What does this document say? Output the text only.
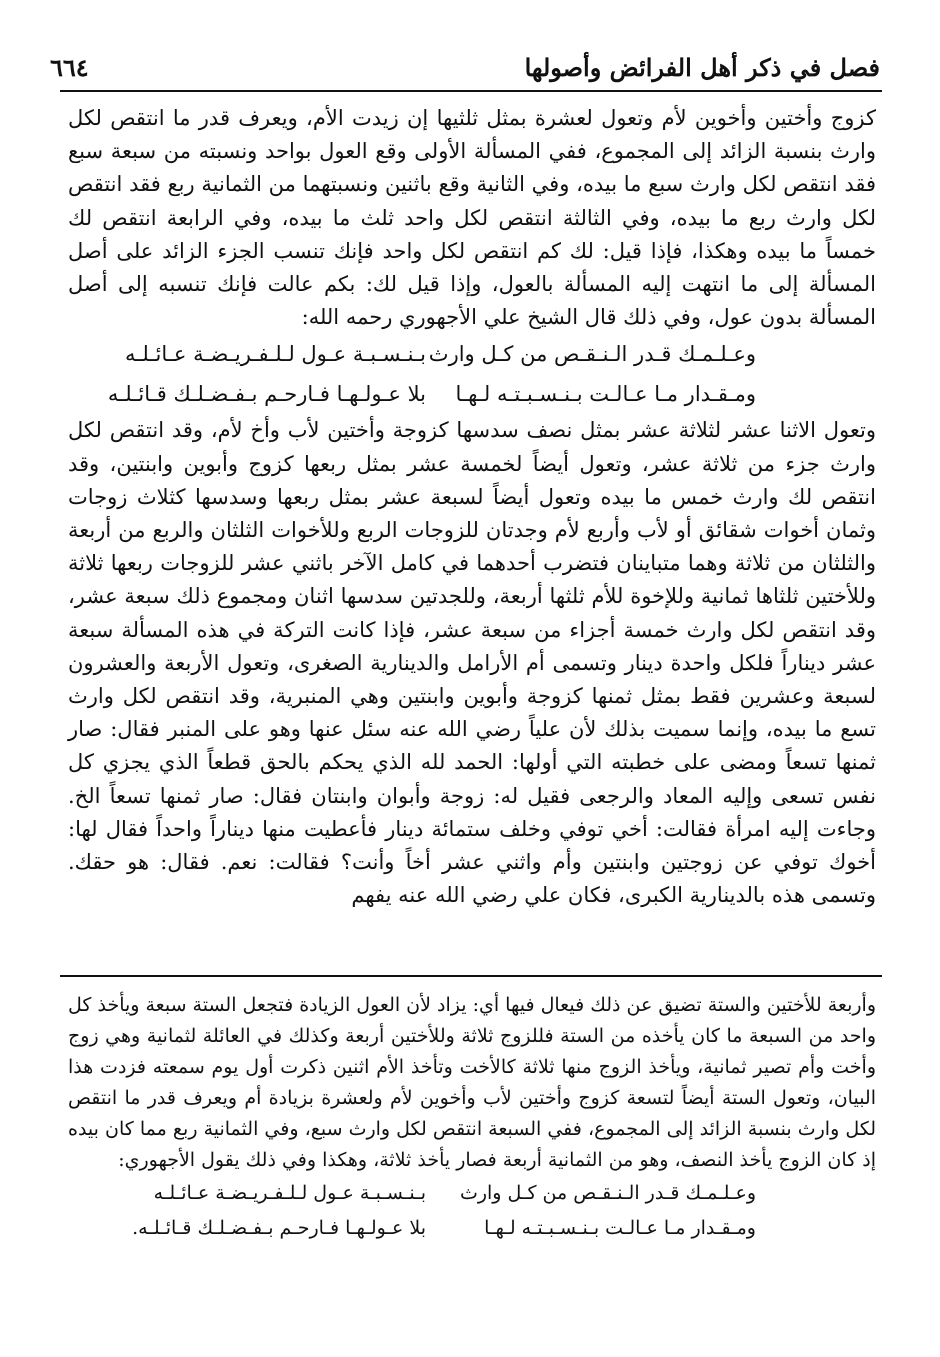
فصل في ذكر أهل الفرائض وأصولها
٦٦٤

كزوج وأختين وأخوين لأم وتعول لعشرة بمثل ثلثيها إن زيدت الأم، ويعرف قدر ما انتقص لكل وارث بنسبة الزائد إلى المجموع، ففي المسألة الأولى وقع العول بواحد ونسبته من سبعة سبع فقد انتقص لكل وارث سبع ما بيده، وفي الثانية وقع باثنين ونسبتهما من الثمانية ربع فقد انتقص لكل وارث ربع ما بيده، وفي الثالثة انتقص لكل واحد ثلث ما بيده، وفي الرابعة انتقص لك خمساً ما بيده وهكذا، فإذا قيل: لك كم انتقص لكل واحد فإنك تنسب الجزء الزائد على أصل المسألة إلى ما انتهت إليه المسألة بالعول، وإذا قيل لك: بكم عالت فإنك تنسبه إلى أصل المسألة بدون عول، وفي ذلك قال الشيخ علي الأجهوري رحمه الله:

وعـلـمـك قـدر الـنـقـص من كـل وارث
بـنـسـبـة عـول لـلـفـريـضـة عـائـلـه
ومـقـدار مـا عـالـت بـنـسـبـتـه لـهـا
بلا عـولـهـا فـارحـم بـفـضـلـك قـائـلـه

وتعول الاثنا عشر لثلاثة عشر بمثل نصف سدسها كزوجة وأختين لأب وأخ لأم، وقد انتقص لكل وارث جزء من ثلاثة عشر، وتعول أيضاً لخمسة عشر بمثل ربعها كزوج وأبوين وابنتين، وقد انتقص لك وارث خمس ما بيده وتعول أيضاً لسبعة عشر بمثل ربعها وسدسها كثلاث زوجات وثمان أخوات شقائق أو لأب وأربع لأم وجدتان للزوجات الربع وللأخوات الثلثان والربع من أربعة والثلثان من ثلاثة وهما متباينان فتضرب أحدهما في كامل الآخر باثني عشر للزوجات ربعها ثلاثة وللأختين ثلثاها ثمانية وللإخوة للأم ثلثها أربعة، وللجدتين سدسها اثنان ومجموع ذلك سبعة عشر، وقد انتقص لكل وارث خمسة أجزاء من سبعة عشر، فإذا كانت التركة في هذه المسألة سبعة عشر ديناراً فلكل واحدة دينار وتسمى أم الأرامل والدينارية الصغرى، وتعول الأربعة والعشرون لسبعة وعشرين فقط بمثل ثمنها كزوجة وأبوين وابنتين وهي المنبرية، وقد انتقص لكل وارث تسع ما بيده، وإنما سميت بذلك لأن علياً رضي الله عنه سئل عنها وهو على المنبر فقال: صار ثمنها تسعاً ومضى على خطبته التي أولها: الحمد لله الذي يحكم بالحق قطعاً الذي يجزي كل نفس تسعى وإليه المعاد والرجعى فقيل له: زوجة وأبوان وابنتان فقال: صار ثمنها تسعاً الخ. وجاءت إليه امرأة فقالت: أخي توفي وخلف ستمائة دينار فأعطيت منها ديناراً واحداً فقال لها: أخوك توفي عن زوجتين وابنتين وأم واثني عشر أخاً وأنت؟ فقالت: نعم. فقال: هو حقك. وتسمى هذه بالدينارية الكبرى، فكان علي رضي الله عنه يفهم

وأربعة للأختين والستة تضيق عن ذلك فيعال فيها أي: يزاد لأن العول الزيادة فتجعل الستة سبعة ويأخذ كل واحد من السبعة ما كان يأخذه من الستة فللزوج ثلاثة وللأختين أربعة وكذلك في العائلة لثمانية وهي زوج وأخت وأم تصير ثمانية، ويأخذ الزوج منها ثلاثة كالأخت وتأخذ الأم اثنين ذكرت أول يوم سمعته فزدت هذا البيان، وتعول الستة أيضاً لتسعة كزوج وأختين لأب وأخوين لأم ولعشرة بزيادة أم ويعرف قدر ما انتقص لكل وارث بنسبة الزائد إلى المجموع، ففي السبعة انتقص لكل وارث سبع، وفي الثمانية ربع مما كان بيده إذ كان الزوج يأخذ النصف، وهو من الثمانية أربعة فصار يأخذ ثلاثة، وهكذا وفي ذلك يقول الأجهوري:

وعـلـمـك قـدر الـنـقـص من كـل وارث
بـنـسـبـة عـول لـلـفـريـضـة عـائـلـه
ومـقـدار مـا عـالـت بـنـسـبـتـه لـهـا
بلا عـولـهـا فـارحـم بـفـضـلـك قـائـلـه.
